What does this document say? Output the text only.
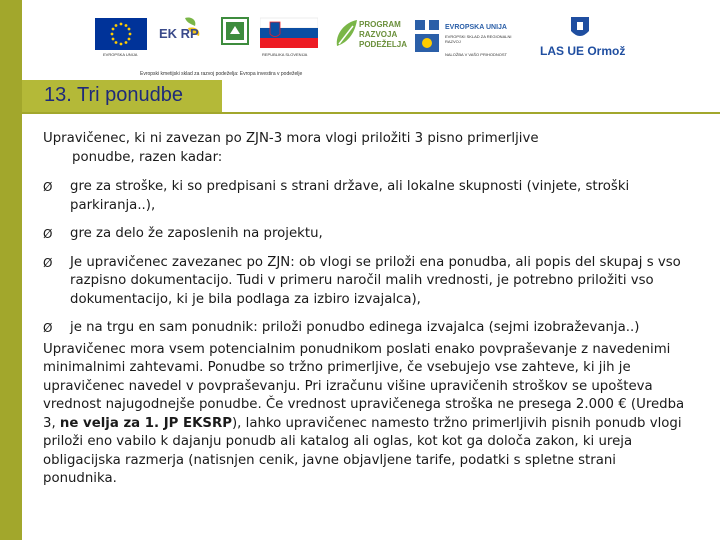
EVROPSKA UNIJA
EK RP
REPUBLIKA SLOVENIJA
PROGRAM RAZVOJA PODEŽELJA
EVROPSKA UNIJA
EVROPSKI SKLAD ZA REGIONALNI RAZVOJ
NALOŽBA V VAŠO PRIHODNOST	LAS UE Ormož
Evropski kmetijski sklad za razvoj podeželja: Evropa investira v podeželje
13. Tri ponudbe

Upravičenec, ki ni zavezan po ZJN-3 mora vlogi priložiti 3 pisno primerljive
ponudbe, razen kadar:

Ø gre za stroške, ki so predpisani s strani države, ali lokalne skupnosti (vinjete, stroški parkiranja..),
Ø gre za delo že zaposlenih na projektu,
Ø Je upravičenec zavezanec po ZJN: ob vlogi se priloži ena ponudba, ali popis del skupaj s vso razpisno dokumentacijo. Tudi v primeru naročil malih vrednosti, je potrebno priložiti vso dokumentacijo, ki je bila podlaga za izbiro izvajalca),
Ø je na trgu en sam ponudnik: priloži ponudbo edinega izvajalca (sejmi izobraževanja..)

Upravičenec mora vsem potencialnim ponudnikom poslati enako povpraševanje z navedenimi minimalnimi zahtevami. Ponudbe so tržno primerljive, če vsebujejo vse zahteve, ki jih je upravičenec navedel v povpraševanju. Pri izračunu višine upravičenih stroškov se upošteva vrednost najugodnejše ponudbe. Če vrednost upravičenega stroška ne presega 2.000 € (Uredba 3, ne velja za 1. JP EKSRP), lahko upravičenec namesto tržno primerljivih pisnih ponudb vlogi priloži eno vabilo k dajanju ponudb ali katalog ali oglas, kot kot ga določa zakon, ki ureja obligacijska razmerja (natisnjen cenik, javne objavljene tarife, podatki s spletne strani ponudnika.
